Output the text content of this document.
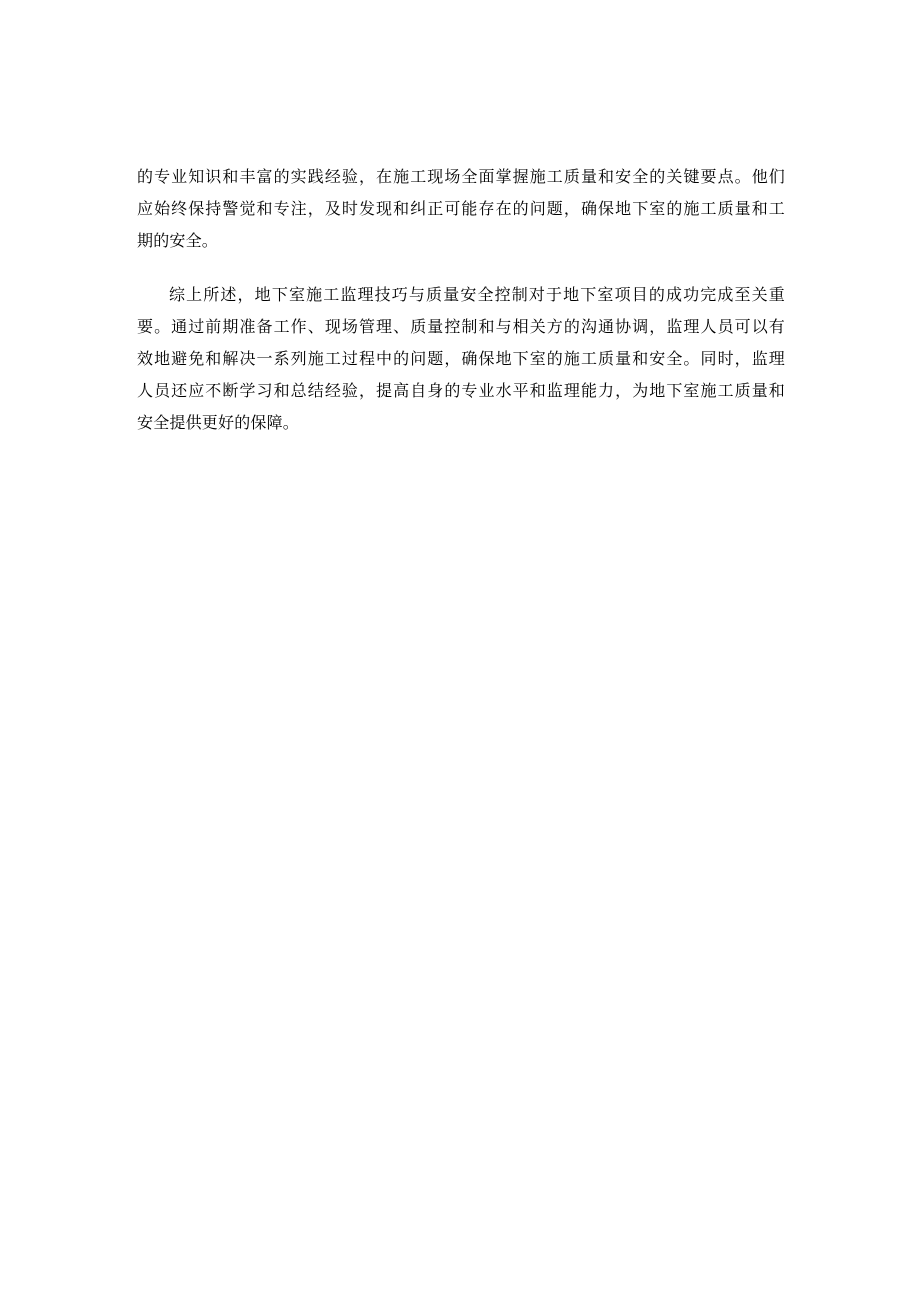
的专业知识和丰富的实践经验，在施工现场全面掌握施工质量和安全的关键要点。他们
应始终保持警觉和专注，及时发现和纠正可能存在的问题，确保地下室的施工质量和工
期的安全。
综上所述，地下室施工监理技巧与质量安全控制对于地下室项目的成功完成至关重
要。通过前期准备工作、现场管理、质量控制和与相关方的沟通协调，监理人员可以有
效地避免和解决一系列施工过程中的问题，确保地下室的施工质量和安全。同时，监理
人员还应不断学习和总结经验，提高自身的专业水平和监理能力，为地下室施工质量和
安全提供更好的保障。
